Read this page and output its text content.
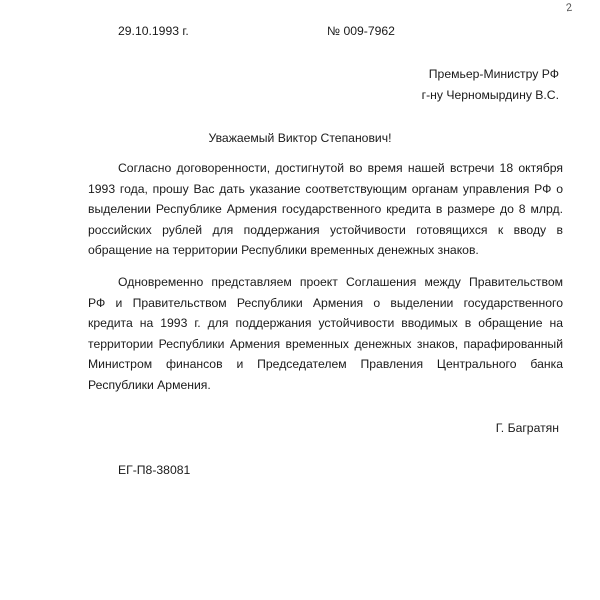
2
29.10.1993 г.	№ 009-7962
Премьер-Министру РФ
г-ну Черномырдину В.С.
Уважаемый Виктор Степанович!
Согласно договоренности, достигнутой во время нашей встречи 18 октября
1993 года, прошу Вас дать указание соответствующим органам управления РФ о
выделении Республике Армения государственного кредита в размере до 8 млрд.
российских рублей для поддержания устойчивости готовящихся к вводу в
обращение на территории Республики временных денежных знаков.
Одновременно представляем проект Соглашения между Правительством
РФ и Правительством Республики Армения о выделении государственного
кредита на 1993 г. для поддержания устойчивости вводимых в обращение на
территории Республики Армения временных денежных знаков, парафированный
Министром финансов и Председателем Правления Центрального банка
Республики Армения.
Г. Багратян
ЕГ-П8-38081
